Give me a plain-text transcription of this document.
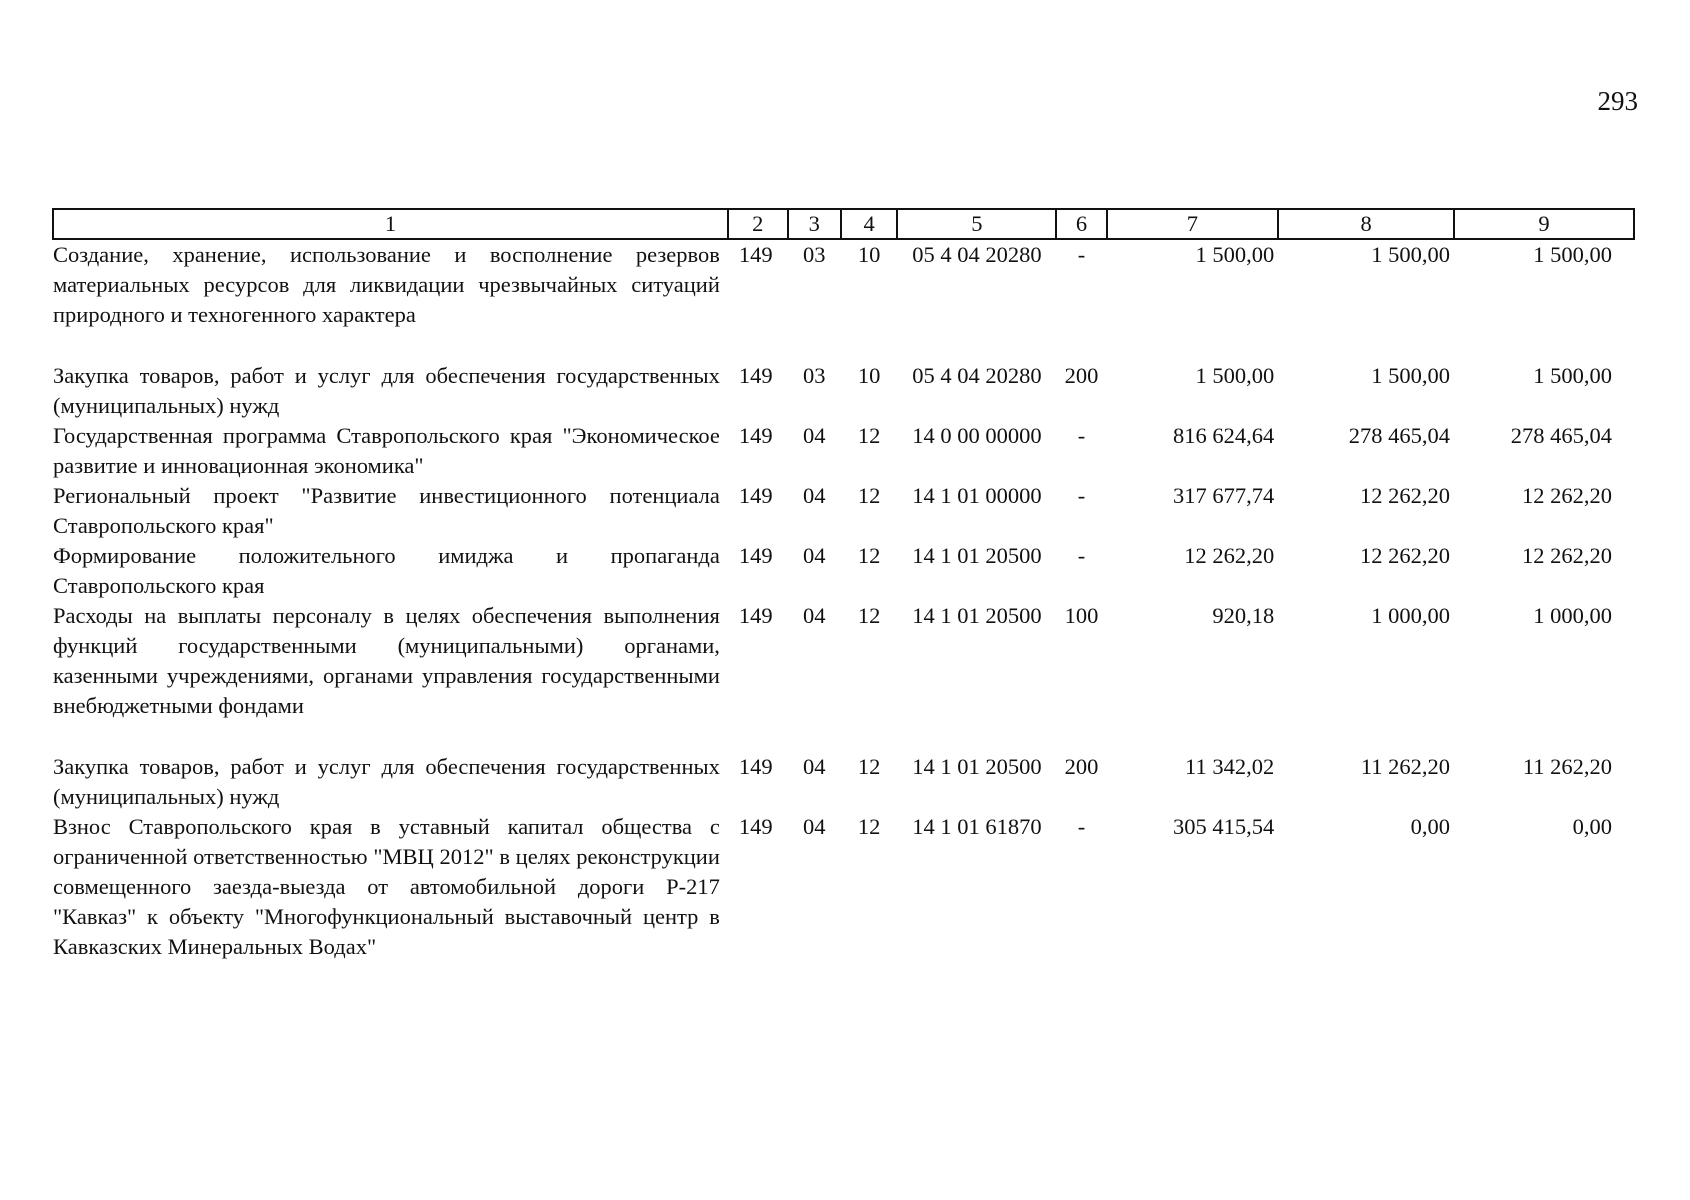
293
1	2	3	4	5	6	7	8	9
Создание, хранение, использование и восполнение резервов материальных ресурсов для ликвидации чрезвычайных ситуаций природного и техногенного характера	149	03	10	05 4 04 20280	-	1 500,00	1 500,00	1 500,00
Закупка товаров, работ и услуг для обеспечения государственных (муниципальных) нужд	149	03	10	05 4 04 20280	200	1 500,00	1 500,00	1 500,00
Государственная программа Ставропольского края "Экономическое развитие и инновационная экономика"	149	04	12	14 0 00 00000	-	816 624,64	278 465,04	278 465,04
Региональный проект "Развитие инвестиционного потенциала Ставропольского края"	149	04	12	14 1 01 00000	-	317 677,74	12 262,20	12 262,20
Формирование положительного имиджа и пропаганда Ставропольского края	149	04	12	14 1 01 20500	-	12 262,20	12 262,20	12 262,20
Расходы на выплаты персоналу в целях обеспечения выполнения функций государственными (муниципальными) органами, казенными учреждениями, органами управления государственными внебюджетными фондами	149	04	12	14 1 01 20500	100	920,18	1 000,00	1 000,00
Закупка товаров, работ и услуг для обеспечения государственных (муниципальных) нужд	149	04	12	14 1 01 20500	200	11 342,02	11 262,20	11 262,20
Взнос Ставропольского края в уставный капитал общества с ограниченной ответственностью "МВЦ 2012" в целях реконструкции совмещенного заезда-выезда от автомобильной дороги Р-217 "Кавказ" к объекту "Многофункциональный выставочный центр в Кавказских Минеральных Водах"	149	04	12	14 1 01 61870	-	305 415,54	0,00	0,00
